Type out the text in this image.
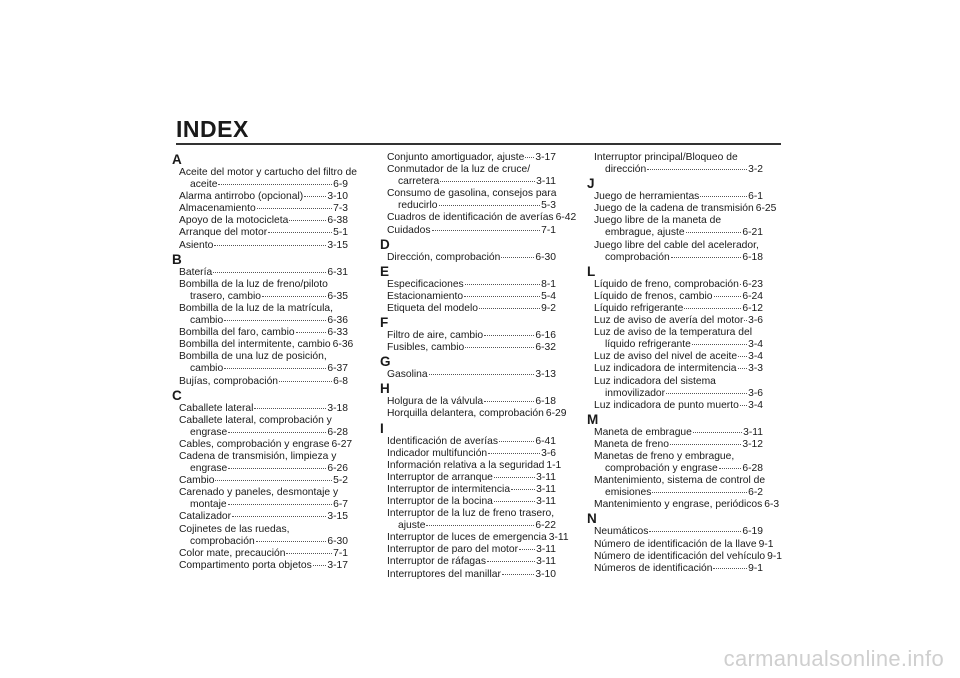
INDEX
A
Aceite del motor y cartucho del filtro de
aceite	6-9
Alarma antirrobo (opcional) 3-10
Almacenamiento	7-3
Apoyo de la motocicleta	6-38
Arranque del motor	5-1
Asiento	3-15
B
Batería	6-31
Bombilla de la luz de freno/piloto
trasero, cambio	6-35
Bombilla de la luz de la matrícula,
cambio	6-36
Bombilla del faro, cambio	6-33
Bombilla del intermitente, cambio 6-36
Bombilla de una luz de posición,
cambio	6-37
Bujías, comprobación	6-8
C
Caballete lateral	3-18
Caballete lateral, comprobación y
engrase	6-28
Cables, comprobación y engrase 6-27
Cadena de transmisión, limpieza y
engrase	6-26
Cambio	5-2
Carenado y paneles, desmontaje y
montaje	6-7
Catalizador	3-15
Cojinetes de las ruedas,
comprobación	6-30
Color mate, precaución	7-1
Compartimento porta objetos 3-17
Conjunto amortiguador, ajuste 3-17
Conmutador de la luz de cruce/
carretera	3-11
Consumo de gasolina, consejos para
reducirlo	5-3
Cuadros de identificación de averías 6-42
Cuidados	7-1
D
Dirección, comprobación	6-30
E
Especificaciones	8-1
Estacionamiento	5-4
Etiqueta del modelo	9-2
F
Filtro de aire, cambio	6-16
Fusibles, cambio	6-32
G
Gasolina	3-13
H
Holgura de la válvula	6-18
Horquilla delantera, comprobación 6-29
I
Identificación de averías	6-41
Indicador multifunción	3-6
Información relativa a la seguridad 1-1
Interruptor de arranque	3-11
Interruptor de intermitencia	3-11
Interruptor de la bocina	3-11
Interruptor de la luz de freno trasero,
ajuste	6-22
Interruptor de luces de emergencia 3-11
Interruptor de paro del motor 3-11
Interruptor de ráfagas	3-11
Interruptores del manillar	3-10
Interruptor principal/Bloqueo de
dirección	3-2
J
Juego de herramientas	6-1
Juego de la cadena de transmisión 6-25
Juego libre de la maneta de
embrague, ajuste	6-21
Juego libre del cable del acelerador,
comprobación	6-18
L
Líquido de freno, comprobación 6-23
Líquido de frenos, cambio	6-24
Líquido refrigerante	6-12
Luz de aviso de avería del motor 3-6
Luz de aviso de la temperatura del
líquido refrigerante	3-4
Luz de aviso del nivel de aceite 3-4
Luz indicadora de intermitencia 3-3
Luz indicadora del sistema
inmovilizador	3-6
Luz indicadora de punto muerto 3-4
M
Maneta de embrague	3-11
Maneta de freno	3-12
Manetas de freno y embrague,
comprobación y engrase 6-28
Mantenimiento, sistema de control de
emisiones	6-2
Mantenimiento y engrase, periódicos 6-3
N
Neumáticos	6-19
Número de identificación de la llave 9-1
Número de identificación del vehículo 9-1
Números de identificación	9-1
carmanualsonline.info
